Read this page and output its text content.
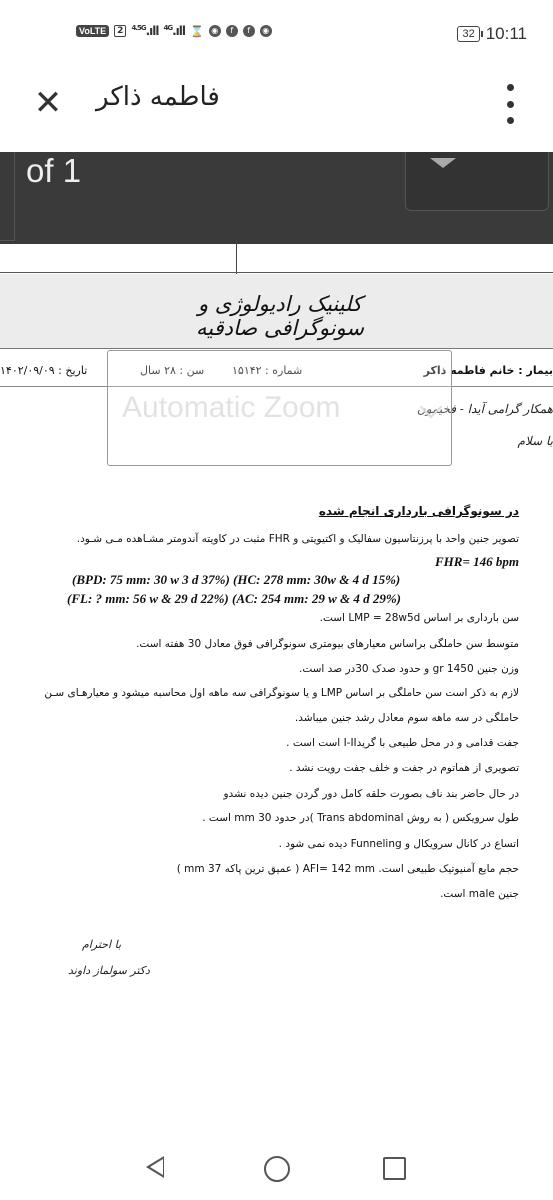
VoLTE	2	$^{4.5G}$.ıll $^{4G}$.ıll ⌛ ◉	f	f	◉	32 10:11
✕ فاطمه ذاکر
of 1
کلینیک رادیولوژی و سونوگرافی صادقیه
بیمار : خانم فاطمه ذاکر
شماره : ۱۵۱۴۲
سن : ۲۸ سال
تاریخ : ۱۴۰۲/۰۹/۰۹
همکار گرامی آیدا - فخیمون
با سلام
Automatic Zoom
در سونوگرافی بارداری انجام شده
تصویر جنین واحد با پرزنتاسیون سفالیک و اکتیویتی و FHR مثبت در کاویته آندومتر مشـاهده مـی شـود.
FHR= 146 bpm
(BPD: 75 mm: 30 w 3 d 37%) (HC: 278 mm: 30w & 4 d 15%)
(FL: ? mm: 56 w & 29 d 22%) (AC: 254 mm: 29 w & 4 d 29%)
سن بارداری بر اساس LMP = 28w5d است.
متوسط سن حاملگی براساس معیارهای بیومتری سونوگرافی فوق معادل 30 هفته است.
وزن جنین 1450 gr و حدود صدک 30در صد است.
لازم به ذکر است سن حاملگی بر اساس LMP و یا سونوگرافی سه ماهه اول محاسبه میشود و معیارهـای سـن
حاملگی در سه ماهه سوم معادل رشد جنین میباشد.
جفت قدامی و در محل طبیعی با گریدI-II است است .
تصویری از هماتوم در جفت و خلف جفت رویت نشد .
در حال حاضر بند ناف بصورت حلقه کامل دور گردن جنین دیده نشدو
طول سرویکس ( به روش Trans abdominal )در حدود 30 mm است .
اتساع در کانال سرویکال و Funneling دیده نمی شود .
حجم مایع آمنیوتیک طبیعی است. AFI= 142 mm ( عمیق ترین پاکه 37 mm )
جنین male است.
با احترام
دکتر سولماز داوند
